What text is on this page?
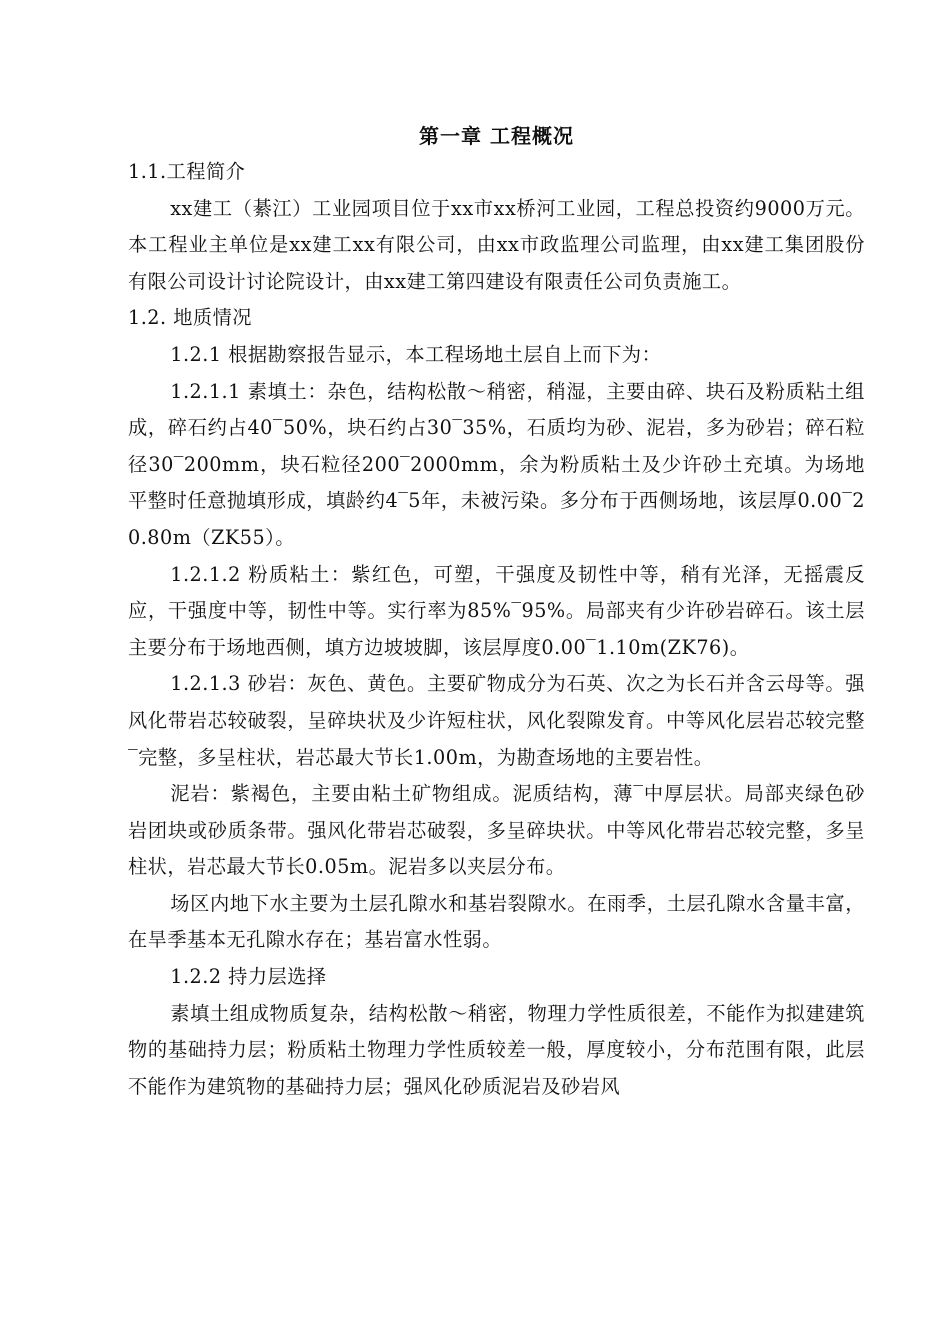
第一章 工程概况

1.1.工程简介

xx建工（綦江）工业园项目位于xx市xx桥河工业园，工程总投资约9000万元。本工程业主单位是xx建工xx有限公司，由xx市政监理公司监理，由xx建工集团股份有限公司设计讨论院设计，由xx建工第四建设有限责任公司负责施工。

1.2. 地质情况

1.2.1 根据勘察报告显示，本工程场地土层自上而下为：

1.2.1.1 素填土：杂色，结构松散～稍密，稍湿，主要由碎、块石及粉质粘土组成，碎石约占40‾50%，块石约占30‾35%，石质均为砂、泥岩，多为砂岩；碎石粒径30‾200mm，块石粒径200‾2000mm，余为粉质粘土及少许砂土充填。为场地平整时任意抛填形成，填龄约4‾5年，未被污染。多分布于西侧场地，该层厚0.00‾20.80m（ZK55）。

1.2.1.2 粉质粘土：紫红色，可塑，干强度及韧性中等，稍有光泽，无摇震反应，干强度中等，韧性中等。实行率为85%‾95%。局部夹有少许砂岩碎石。该土层主要分布于场地西侧，填方边坡坡脚，该层厚度0.00‾1.10m(ZK76)。

1.2.1.3 砂岩：灰色、黄色。主要矿物成分为石英、次之为长石并含云母等。强风化带岩芯较破裂，呈碎块状及少许短柱状，风化裂隙发育。中等风化层岩芯较完整‾完整，多呈柱状，岩芯最大节长1.00m，为勘查场地的主要岩性。

泥岩：紫褐色，主要由粘土矿物组成。泥质结构，薄‾中厚层状。局部夹绿色砂岩团块或砂质条带。强风化带岩芯破裂，多呈碎块状。中等风化带岩芯较完整，多呈柱状，岩芯最大节长0.05m。泥岩多以夹层分布。

场区内地下水主要为土层孔隙水和基岩裂隙水。在雨季，土层孔隙水含量丰富，在旱季基本无孔隙水存在；基岩富水性弱。

1.2.2 持力层选择

素填土组成物质复杂，结构松散～稍密，物理力学性质很差，不能作为拟建建筑物的基础持力层；粉质粘土物理力学性质较差一般，厚度较小，分布范围有限，此层不能作为建筑物的基础持力层；强风化砂质泥岩及砂岩风
